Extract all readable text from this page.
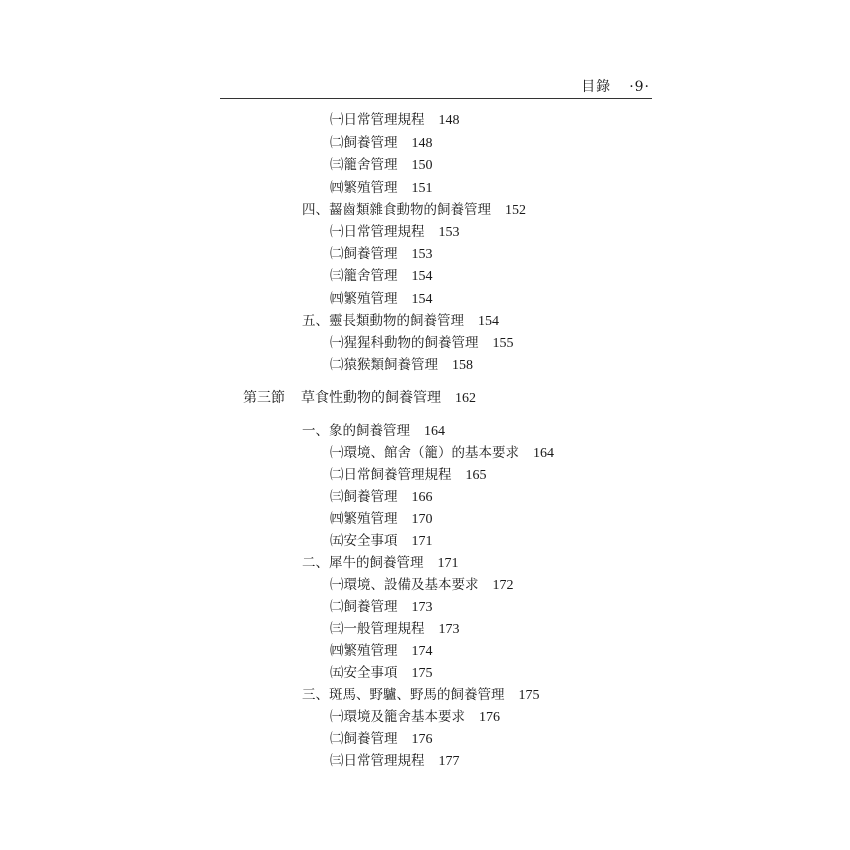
目錄 ·9·
㈠日常管理規程 148
㈡飼養管理 148
㈢籠舍管理 150
㈣繁殖管理 151
四、齧齒類雜食動物的飼養管理 152
㈠日常管理規程 153
㈡飼養管理 153
㈢籠舍管理 154
㈣繁殖管理 154
五、靈長類動物的飼養管理 154
㈠猩猩科動物的飼養管理 155
㈡猿猴類飼養管理 158
第三節 草食性動物的飼養管理 162
一、象的飼養管理 164
㈠環境、館舍（籠）的基本要求 164
㈡日常飼養管理規程 165
㈢飼養管理 166
㈣繁殖管理 170
㈤安全事項 171
二、犀牛的飼養管理 171
㈠環境、設備及基本要求 172
㈡飼養管理 173
㈢一般管理規程 173
㈣繁殖管理 174
㈤安全事項 175
三、斑馬、野驢、野馬的飼養管理 175
㈠環境及籠舍基本要求 176
㈡飼養管理 176
㈢日常管理規程 177
